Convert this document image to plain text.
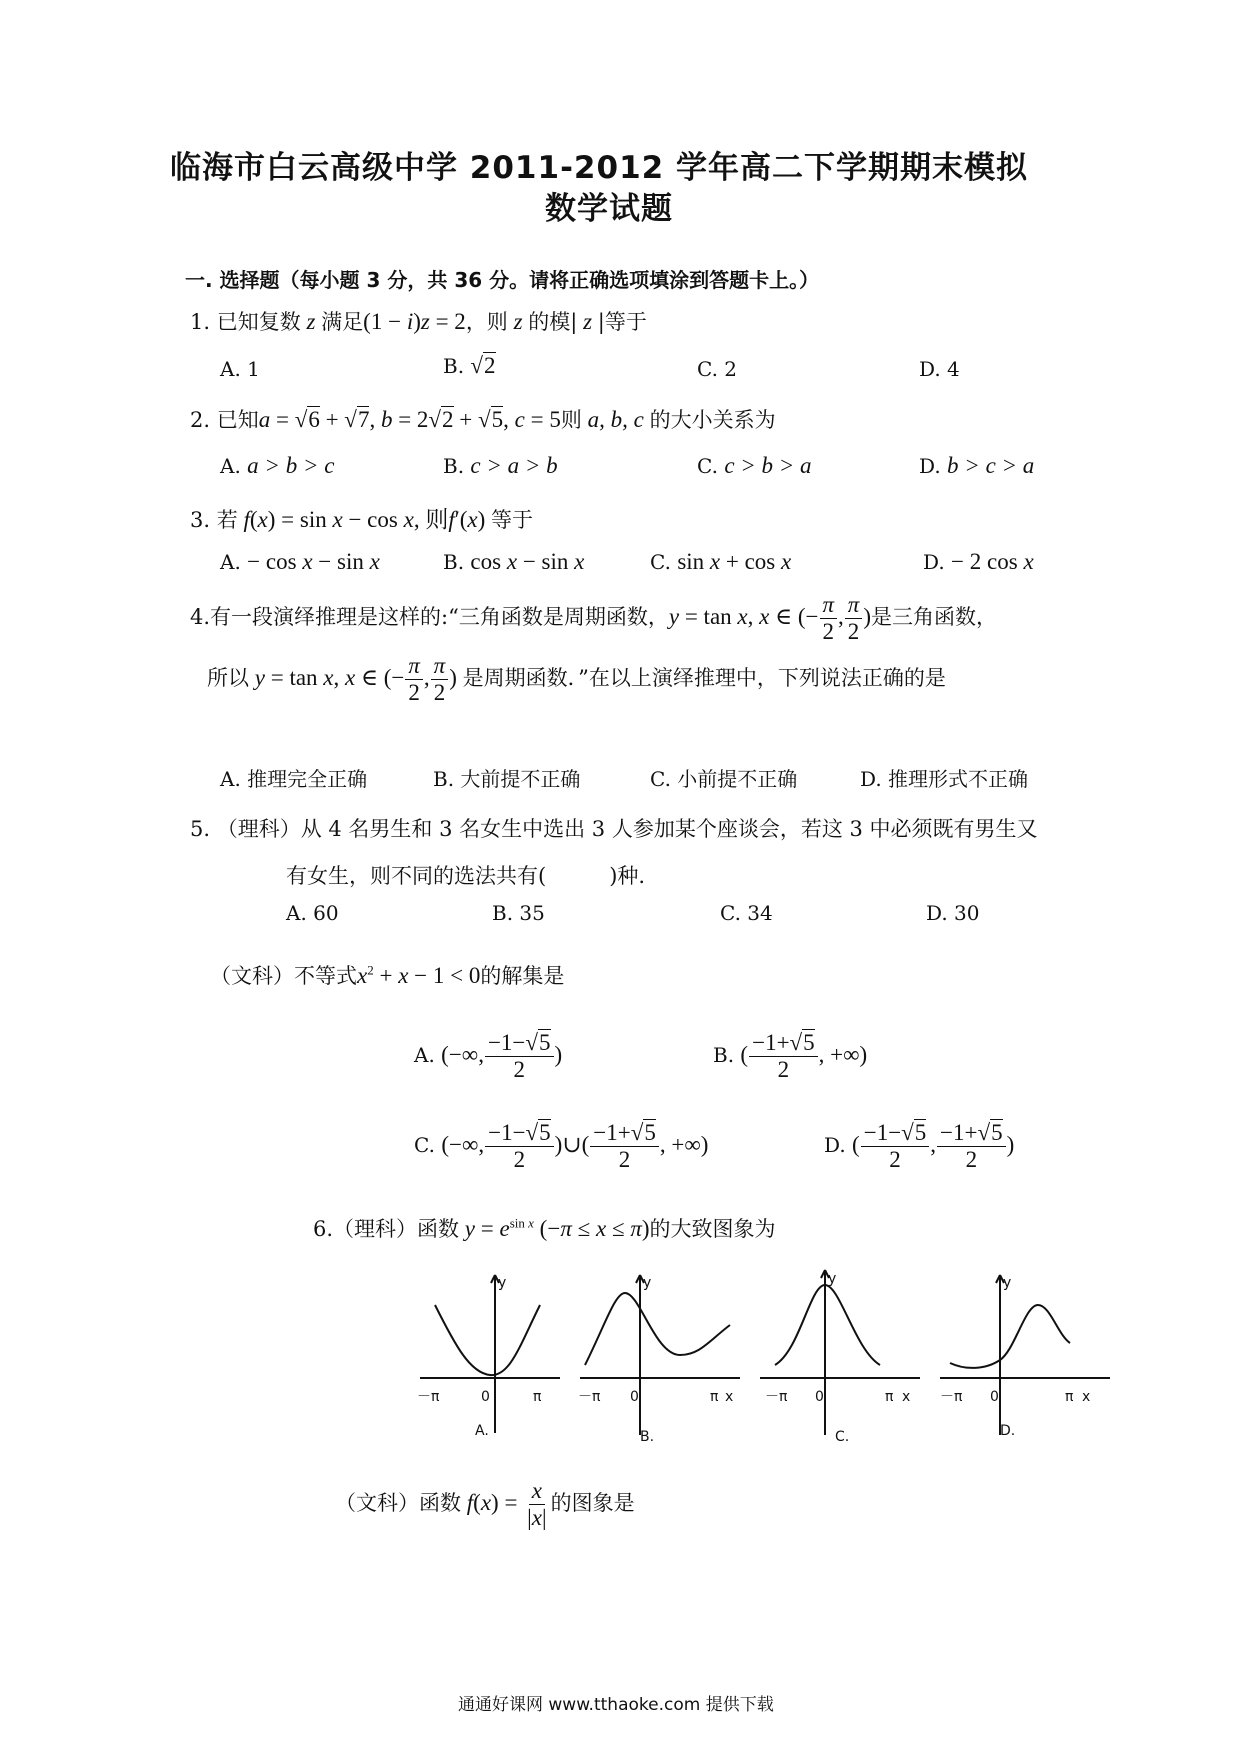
临海市白云高级中学 2011-2012 学年高二下学期期末模拟
数学试题
一. 选择题（每小题 3 分，共 36 分。请将正确选项填涂到答题卡上。）
1. 已知复数 z 满足(1 − i)z = 2，则 z 的模| z |等于
A. 1	B. √2	C. 2	D. 4
2. 已知a = √6 + √7, b = 2√2 + √5, c = 5则 a, b, c 的大小关系为
A. a > b > c	B. c > a > b	C. c > b > a	D. b > c > a
3. 若 f(x) = sin x − cos x, 则f′(x) 等于
A. − cos x − sin x	B. cos x − sin x	C. sin x + cos x	D. − 2 cos x
4.有一段演绎推理是这样的:“三角函数是周期函数，y = tan x, x ∈ (− $\frac{\pi}{2}$ , $\frac{\pi}{2}$ )是三角函数，
所以 y = tan x, x ∈ (− $\frac{\pi}{2}$ , $\frac{\pi}{2}$ ) 是周期函数．”在以上演绎推理中，下列说法正确的是
A. 推理完全正确	B. 大前提不正确	C. 小前提不正确	D. 推理形式不正确
5. （理科）从 4 名男生和 3 名女生中选出 3 人参加某个座谈会，若这 3 中必须既有男生又
有女生，则不同的选法共有(　　　)种.
A. 60	B. 35	C. 34	D. 30
（文科）不等式$x^2 + x - 1 < 0$的解集是
A. (−∞, $\frac{-1-√5}{2}$ )	B. ( $\frac{-1+√5}{2}$ , +∞)
C. (−∞, $\frac{-1-√5}{2}$ )∪( $\frac{-1+√5}{2}$ , +∞)	D. ( $\frac{-1-√5}{2}$ , $\frac{-1+√5}{2}$ )
6.（理科）函数 $y = e^{sin x}$ (−π ≤ x ≤ π)的大致图象为
y
－π	0	π
A.
y
－π 0	π x
B.
y
－π 0	π x
C.
y
－π 0	π x
D.
（文科）函数 $f(x) = \frac{x}{|x|}$ 的图象是
通通好课网 www.tthaoke.com 提供下载
